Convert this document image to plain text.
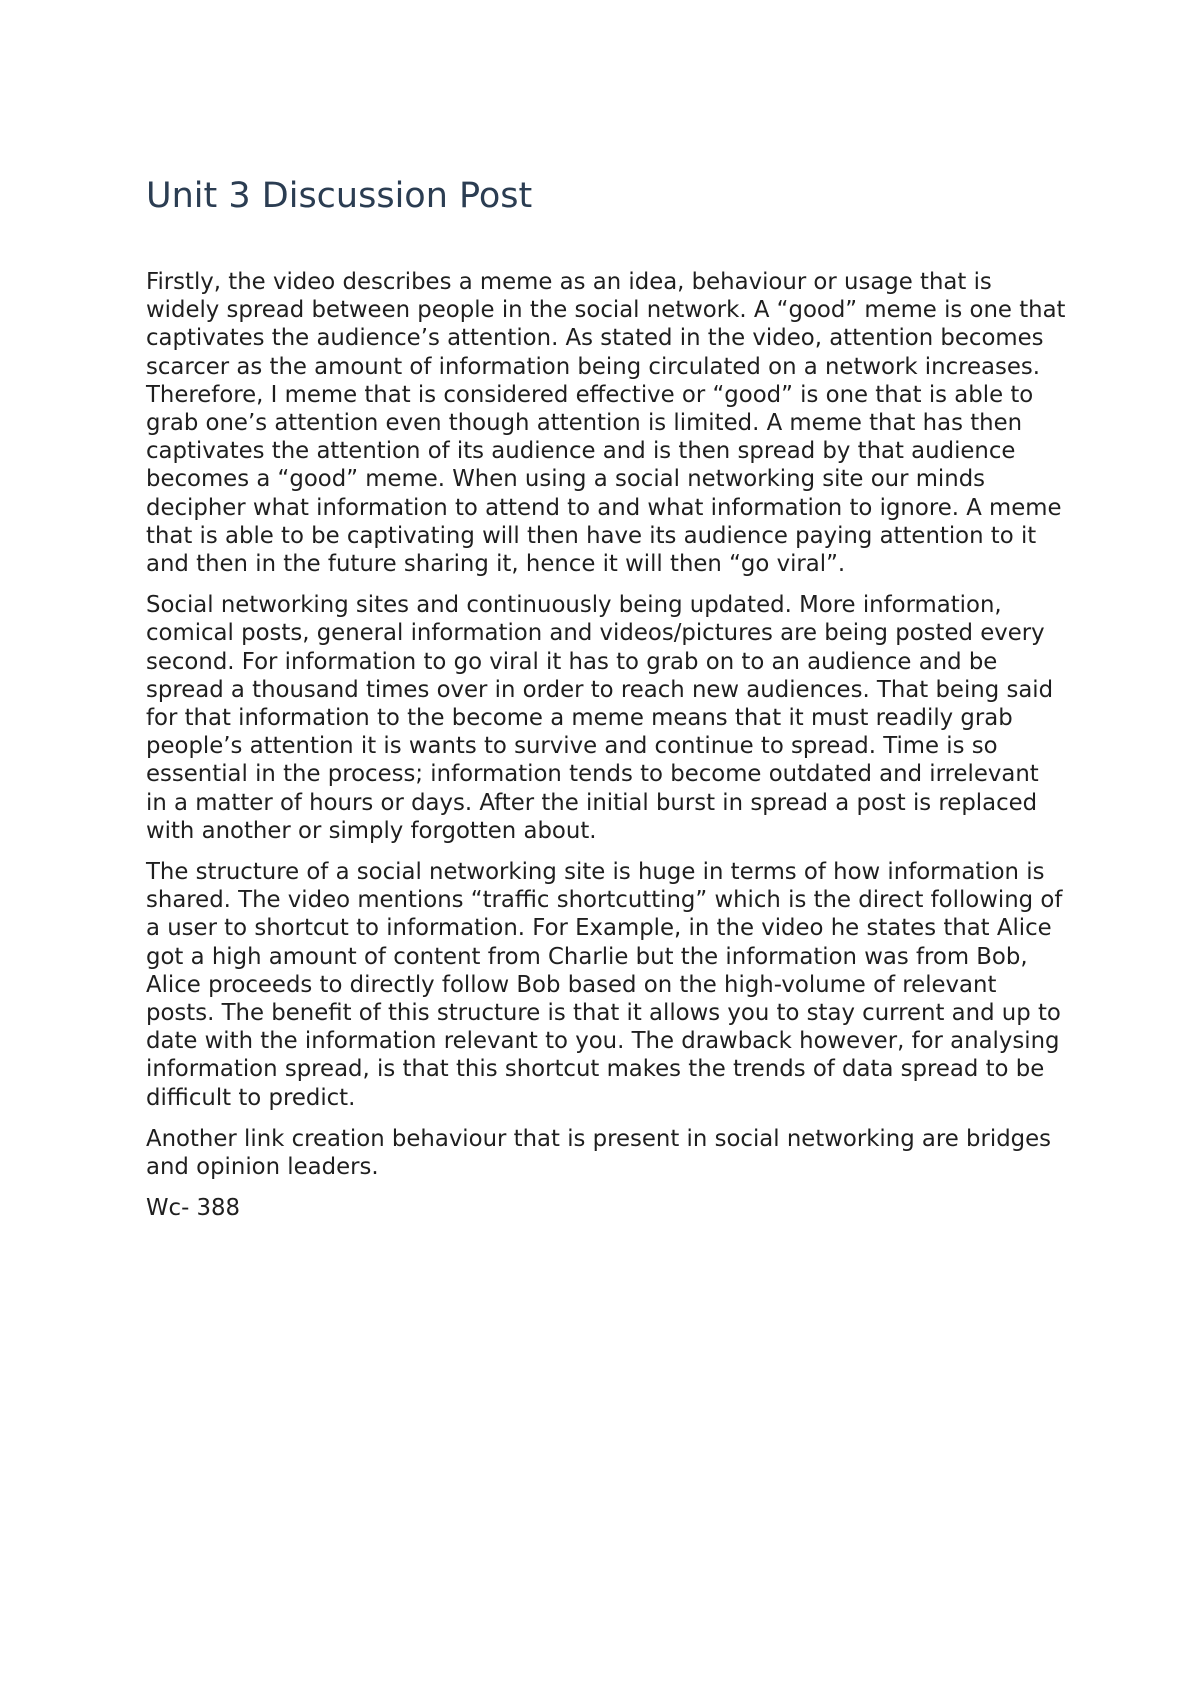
Unit 3 Discussion Post

Firstly, the video describes a meme as an idea, behaviour or usage that is widely spread between people in the social network. A “good” meme is one that captivates the audience’s attention. As stated in the video, attention becomes scarcer as the amount of information being circulated on a network increases. Therefore, I meme that is considered effective or “good” is one that is able to grab one’s attention even though attention is limited. A meme that has then captivates the attention of its audience and is then spread by that audience becomes a “good” meme. When using a social networking site our minds decipher what information to attend to and what information to ignore. A meme that is able to be captivating will then have its audience paying attention to it and then in the future sharing it, hence it will then “go viral”.

Social networking sites and continuously being updated. More information, comical posts, general information and videos/pictures are being posted every second. For information to go viral it has to grab on to an audience and be spread a thousand times over in order to reach new audiences. That being said for that information to the become a meme means that it must readily grab people’s attention it is wants to survive and continue to spread. Time is so essential in the process; information tends to become outdated and irrelevant in a matter of hours or days. After the initial burst in spread a post is replaced with another or simply forgotten about.

The structure of a social networking site is huge in terms of how information is shared. The video mentions “traffic shortcutting” which is the direct following of a user to shortcut to information. For Example, in the video he states that Alice got a high amount of content from Charlie but the information was from Bob, Alice proceeds to directly follow Bob based on the high-volume of relevant posts. The benefit of this structure is that it allows you to stay current and up to date with the information relevant to you. The drawback however, for analysing information spread, is that this shortcut makes the trends of data spread to be difficult to predict.

Another link creation behaviour that is present in social networking are bridges and opinion leaders.

Wc- 388
